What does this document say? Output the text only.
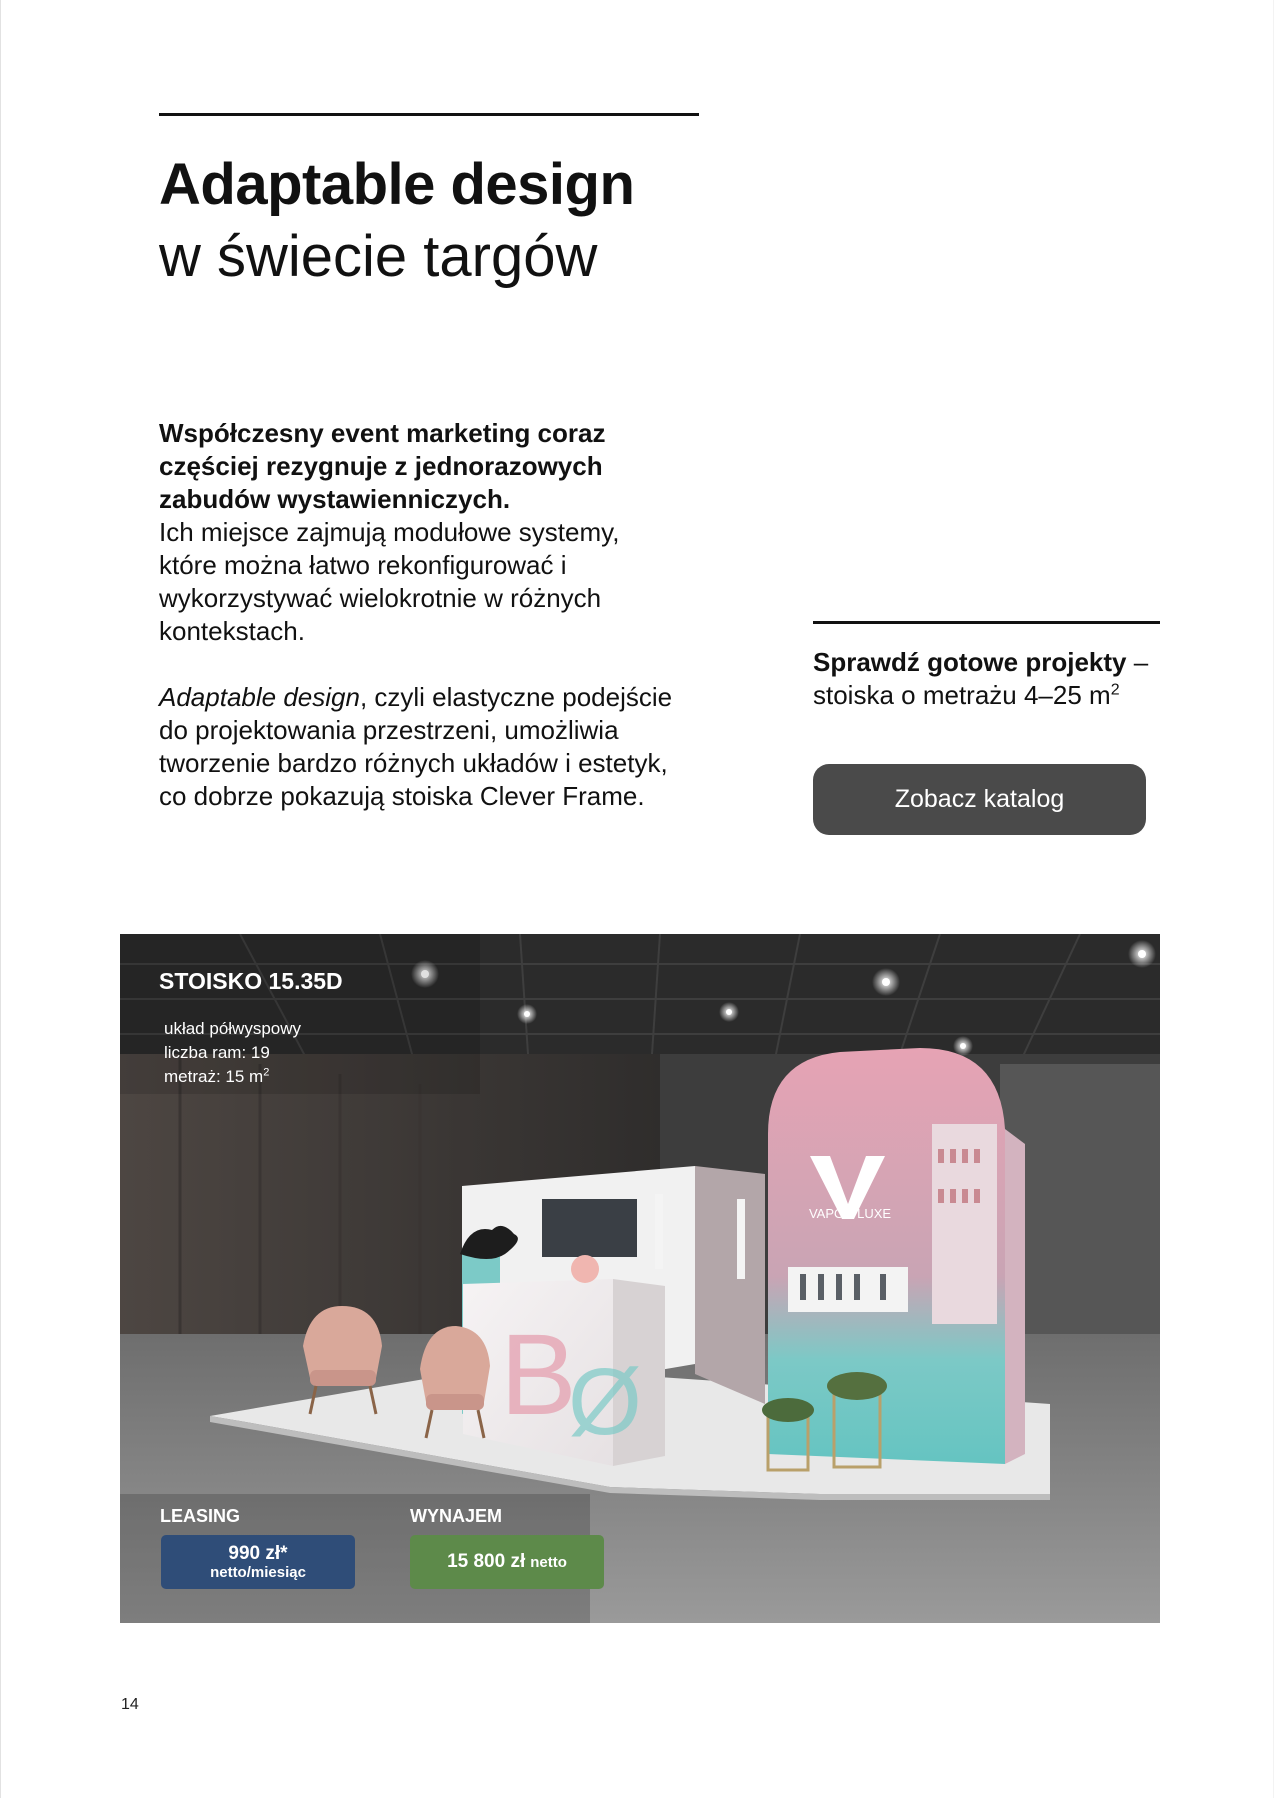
Adaptable design
w świecie targów

Współczesny event marketing coraz częściej rezygnuje z jednorazowych zabudów wystawienniczych.
Ich miejsce zajmują modułowe systemy, które można łatwo rekonfigurować i wykorzystywać wielokrotnie w różnych kontekstach.

Adaptable design, czyli elastyczne podejście do projektowania przestrzeni, umożliwia tworzenie bardzo różnych układów i estetyk, co dobrze pokazują stoiska Clever Frame.

Sprawdź gotowe projekty –
stoiska o metrażu 4–25 $m^2$
Zobacz katalog
VAPOR LUXE
B
Ø
STOISKO 15.35D
układ półwyspowy
liczba ram: 19
metraż: 15 $m^2$
LEASING
990 zł*
netto/miesiąc
WYNAJEM
15 800 zł netto
14
